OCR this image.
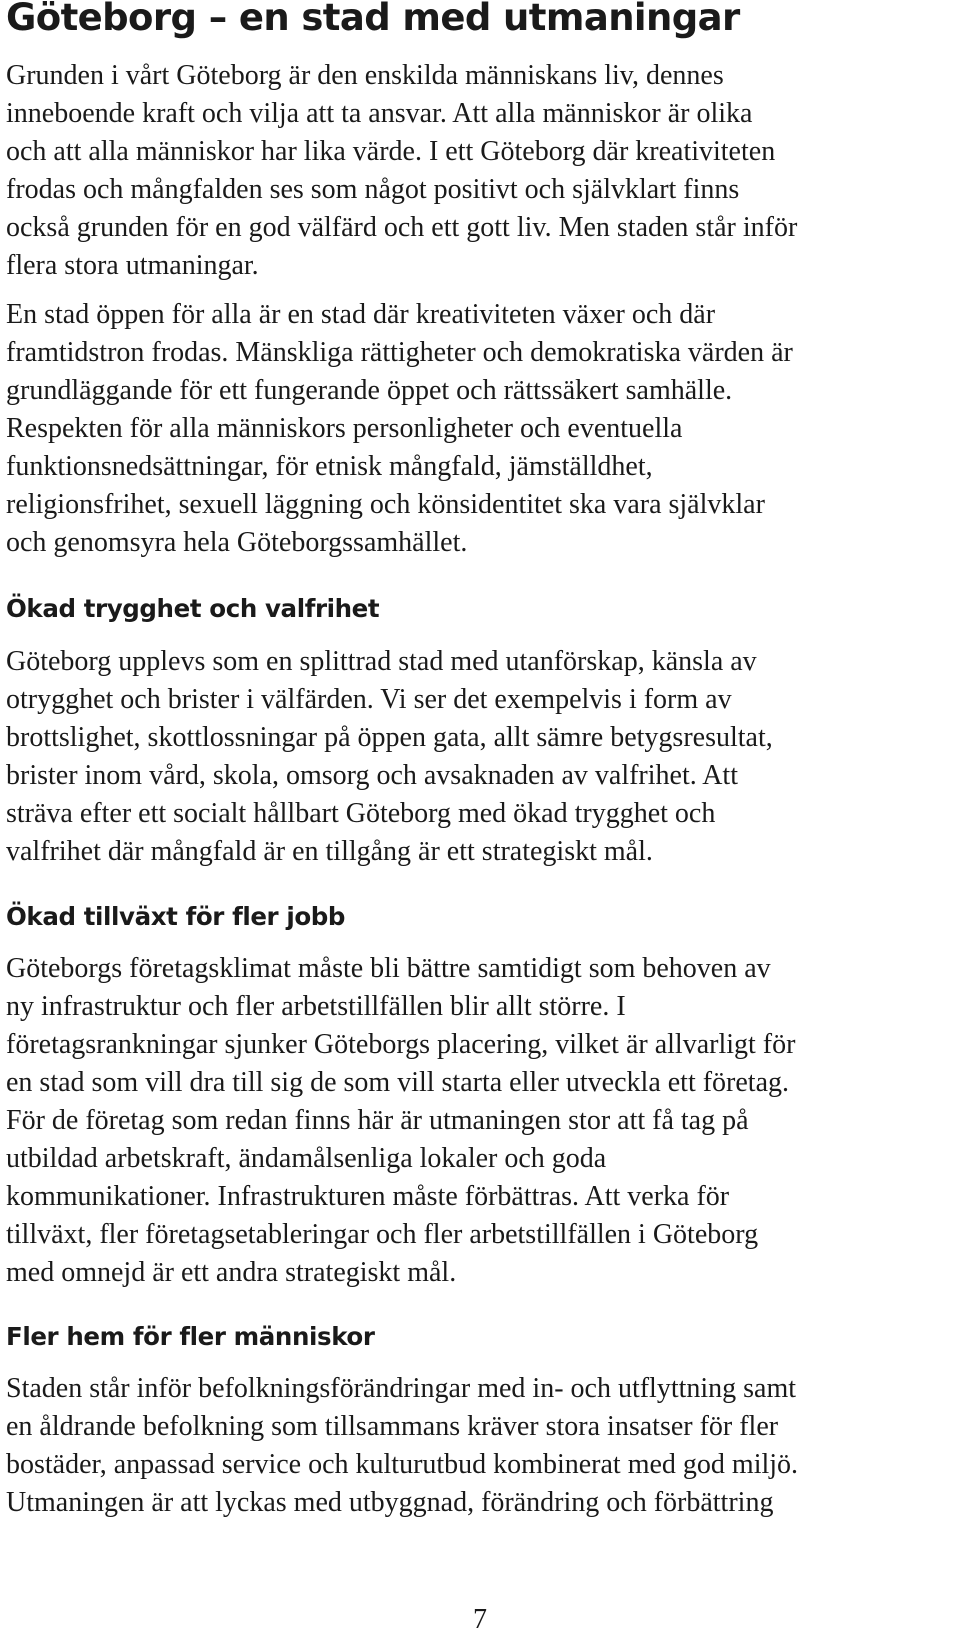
Göteborg – en stad med utmaningar
Grunden i vårt Göteborg är den enskilda människans liv, dennes
inneboende kraft och vilja att ta ansvar. Att alla människor är olika
och att alla människor har lika värde. I ett Göteborg där kreativiteten
frodas och mångfalden ses som något positivt och självklart finns
också grunden för en god välfärd och ett gott liv. Men staden står inför
flera stora utmaningar.
En stad öppen för alla är en stad där kreativiteten växer och där
framtidstron frodas. Mänskliga rättigheter och demokratiska värden är
grundläggande för ett fungerande öppet och rättssäkert samhälle.
Respekten för alla människors personligheter och eventuella
funktionsnedsättningar, för etnisk mångfald, jämställdhet,
religionsfrihet, sexuell läggning och könsidentitet ska vara självklar
och genomsyra hela Göteborgssamhället.
Ökad trygghet och valfrihet
Göteborg upplevs som en splittrad stad med utanförskap, känsla av
otrygghet och brister i välfärden. Vi ser det exempelvis i form av
brottslighet, skottlossningar på öppen gata, allt sämre betygsresultat,
brister inom vård, skola, omsorg och avsaknaden av valfrihet. Att
sträva efter ett socialt hållbart Göteborg med ökad trygghet och
valfrihet där mångfald är en tillgång är ett strategiskt mål.
Ökad tillväxt för fler jobb
Göteborgs företagsklimat måste bli bättre samtidigt som behoven av
ny infrastruktur och fler arbetstillfällen blir allt större. I
företagsrankningar sjunker Göteborgs placering, vilket är allvarligt för
en stad som vill dra till sig de som vill starta eller utveckla ett företag.
För de företag som redan finns här är utmaningen stor att få tag på
utbildad arbetskraft, ändamålsenliga lokaler och goda
kommunikationer. Infrastrukturen måste förbättras. Att verka för
tillväxt, fler företagsetableringar och fler arbetstillfällen i Göteborg
med omnejd är ett andra strategiskt mål.
Fler hem för fler människor
Staden står inför befolkningsförändringar med in- och utflyttning samt
en åldrande befolkning som tillsammans kräver stora insatser för fler
bostäder, anpassad service och kulturutbud kombinerat med god miljö.
Utmaningen är att lyckas med utbyggnad, förändring och förbättring
7
